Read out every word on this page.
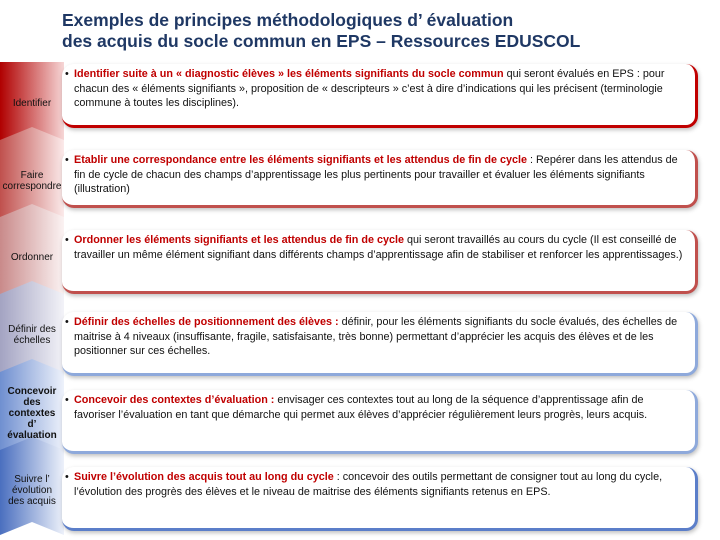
Exemples de principes méthodologiques d’ évaluation
des acquis du socle commun en EPS – Ressources EDUSCOL
Identifier
Faire correspondre
Ordonner
Définir des échelles
Concevoir des contextes d’ évaluation
Suivre l’ évolution des acquis
• Identifier suite à un « diagnostic élèves » les éléments signifiants du socle commun qui seront évalués en EPS : pour chacun des « éléments signifiants », proposition de « descripteurs » c’est à dire d’indications qui les précisent (terminologie commune à toutes les disciplines).

• Etablir une correspondance entre les éléments signifiants et les attendus de fin de cycle : Repérer dans les attendus de fin de cycle de chacun des champs d’apprentissage les plus pertinents pour travailler et évaluer les éléments signifiants (illustration)

• Ordonner les éléments signifiants et les attendus de fin de cycle qui seront travaillés au cours du cycle (Il est conseillé de travailler un même élément signifiant dans différents champs d’apprentissage afin de stabiliser et renforcer les apprentissages.)

• Définir des échelles de positionnement des élèves : définir, pour les éléments signifiants du socle évalués, des échelles de maitrise à 4 niveaux (insuffisante, fragile, satisfaisante, très bonne) permettant d’apprécier les acquis des élèves et de les positionner sur ces échelles.

• Concevoir des contextes d’évaluation : envisager ces contextes tout au long de la séquence d’apprentissage afin de favoriser l’évaluation en tant que démarche qui permet aux élèves d’apprécier régulièrement leurs progrès, leurs acquis.

• Suivre l’évolution des acquis tout au long du cycle : concevoir des outils permettant de consigner tout au long du cycle, l’évolution des progrès des élèves et le niveau de maitrise des éléments signifiants retenus en EPS.
